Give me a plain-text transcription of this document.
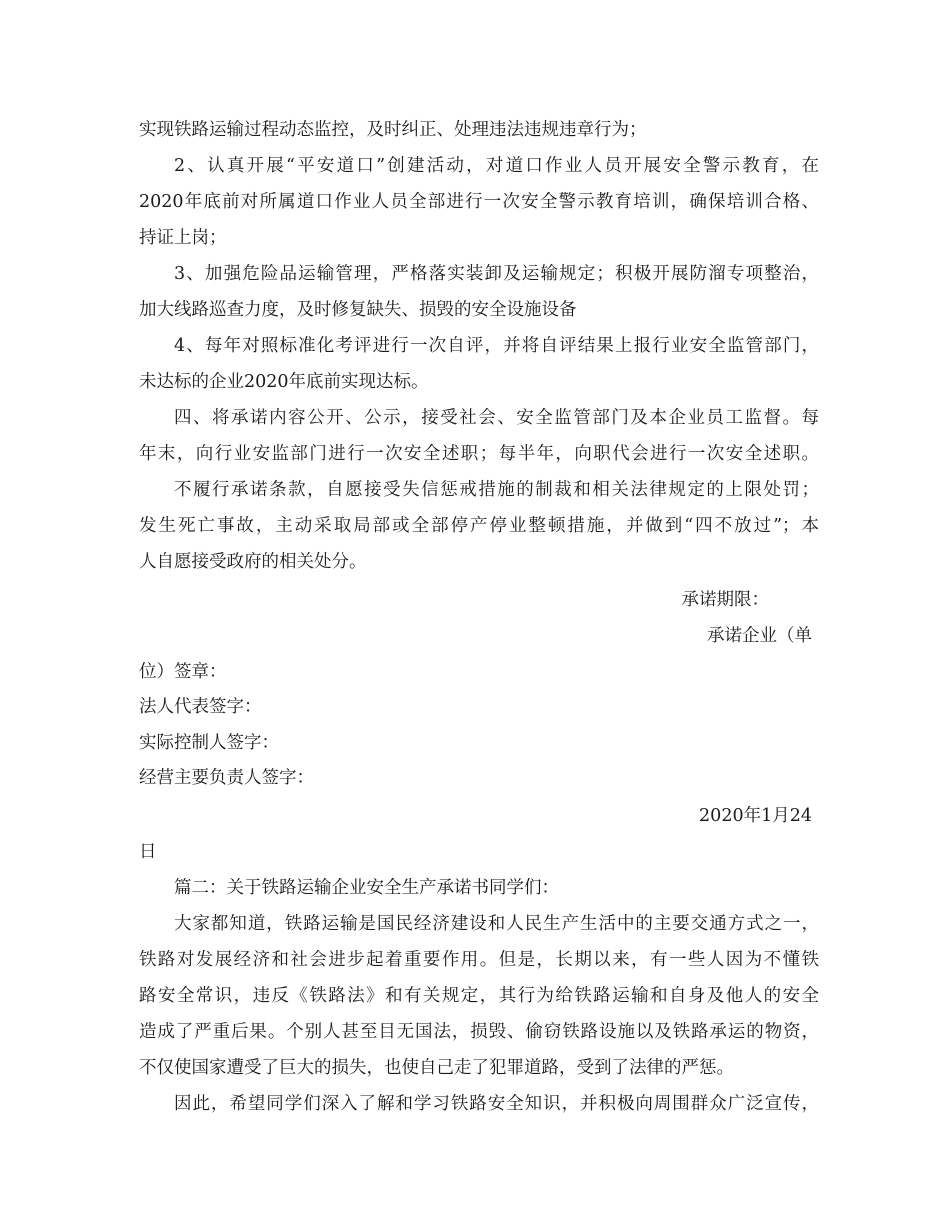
实现铁路运输过程动态监控，及时纠正、处理违法违规违章行为；
2、认真开展“平安道口”创建活动，对道口作业人员开展安全警示教育，在
2020年底前对所属道口作业人员全部进行一次安全警示教育培训，确保培训合格、
持证上岗；
3、加强危险品运输管理，严格落实装卸及运输规定；积极开展防溜专项整治，
加大线路巡查力度，及时修复缺失、损毁的安全设施设备
4、每年对照标准化考评进行一次自评，并将自评结果上报行业安全监管部门，
未达标的企业2020年底前实现达标。
四、将承诺内容公开、公示，接受社会、安全监管部门及本企业员工监督。每
年末，向行业安监部门进行一次安全述职；每半年，向职代会进行一次安全述职。
不履行承诺条款，自愿接受失信惩戒措施的制裁和相关法律规定的上限处罚；
发生死亡事故，主动采取局部或全部停产停业整顿措施，并做到“四不放过”；本
人自愿接受政府的相关处分。
承诺期限：
承诺企业（单
位）签章：
法人代表签字：
实际控制人签字：
经营主要负责人签字：
2020年1月24
日
篇二：关于铁路运输企业安全生产承诺书同学们：
大家都知道，铁路运输是国民经济建设和人民生产生活中的主要交通方式之一，
铁路对发展经济和社会进步起着重要作用。但是，长期以来，有一些人因为不懂铁
路安全常识，违反《铁路法》和有关规定，其行为给铁路运输和自身及他人的安全
造成了严重后果。个别人甚至目无国法，损毁、偷窃铁路设施以及铁路承运的物资，
不仅使国家遭受了巨大的损失，也使自己走了犯罪道路，受到了法律的严惩。
因此，希望同学们深入了解和学习铁路安全知识，并积极向周围群众广泛宣传，
